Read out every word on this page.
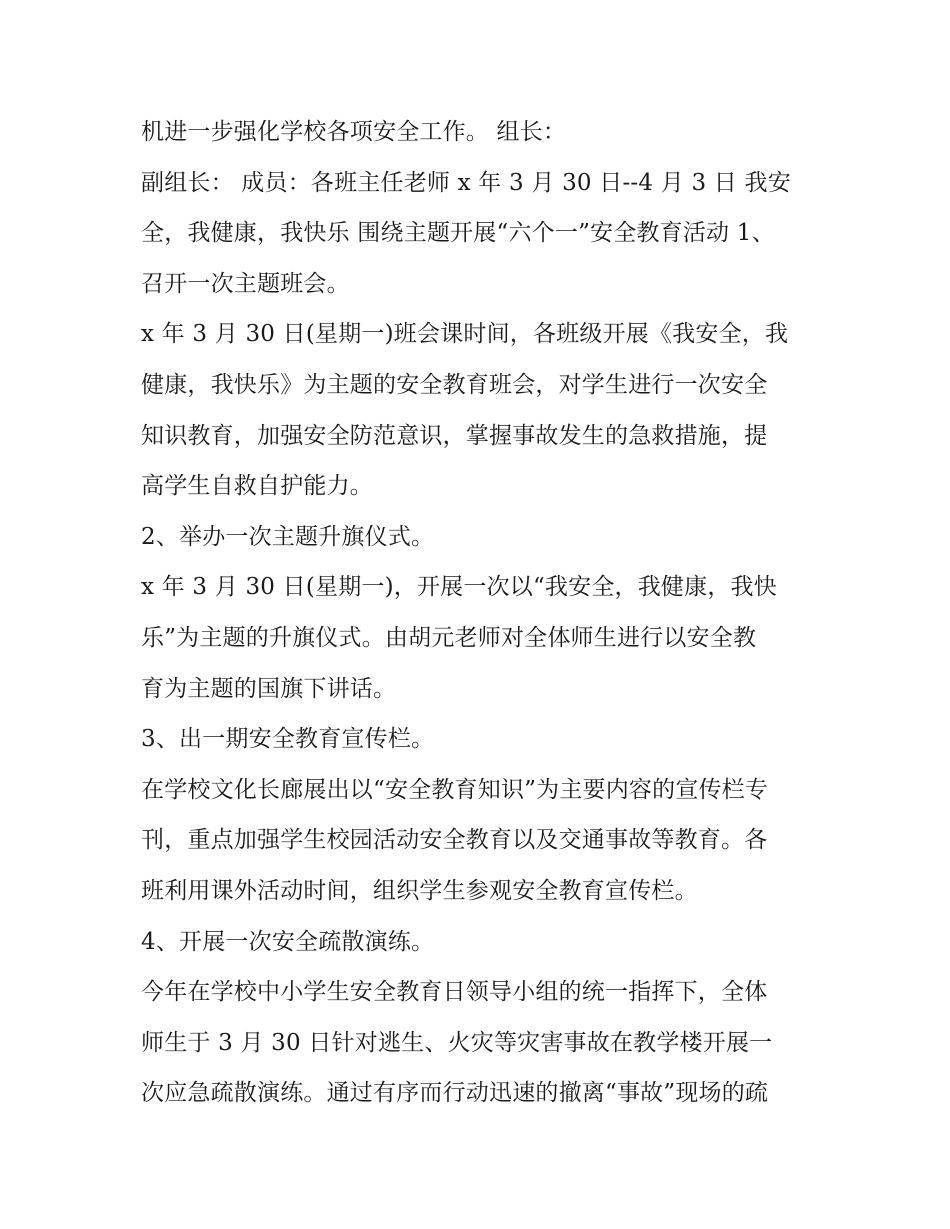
机进一步强化学校各项安全工作。 组长：
副组长： 成员：各班主任老师 x 年 3 月 30 日--4 月 3 日 我安
全，我健康，我快乐 围绕主题开展“六个一”安全教育活动 1、
召开一次主题班会。
x 年 3 月 30 日(星期一)班会课时间，各班级开展《我安全，我
健康，我快乐》为主题的安全教育班会，对学生进行一次安全
知识教育，加强安全防范意识，掌握事故发生的急救措施，提
高学生自救自护能力。
2、举办一次主题升旗仪式。
x 年 3 月 30 日(星期一)，开展一次以“我安全，我健康，我快
乐”为主题的升旗仪式。由胡元老师对全体师生进行以安全教
育为主题的国旗下讲话。
3、出一期安全教育宣传栏。
在学校文化长廊展出以“安全教育知识”为主要内容的宣传栏专
刊，重点加强学生校园活动安全教育以及交通事故等教育。各
班利用课外活动时间，组织学生参观安全教育宣传栏。
4、开展一次安全疏散演练。
今年在学校中小学生安全教育日领导小组的统一指挥下，全体
师生于 3 月 30 日针对逃生、火灾等灾害事故在教学楼开展一
次应急疏散演练。通过有序而行动迅速的撤离“事故”现场的疏
